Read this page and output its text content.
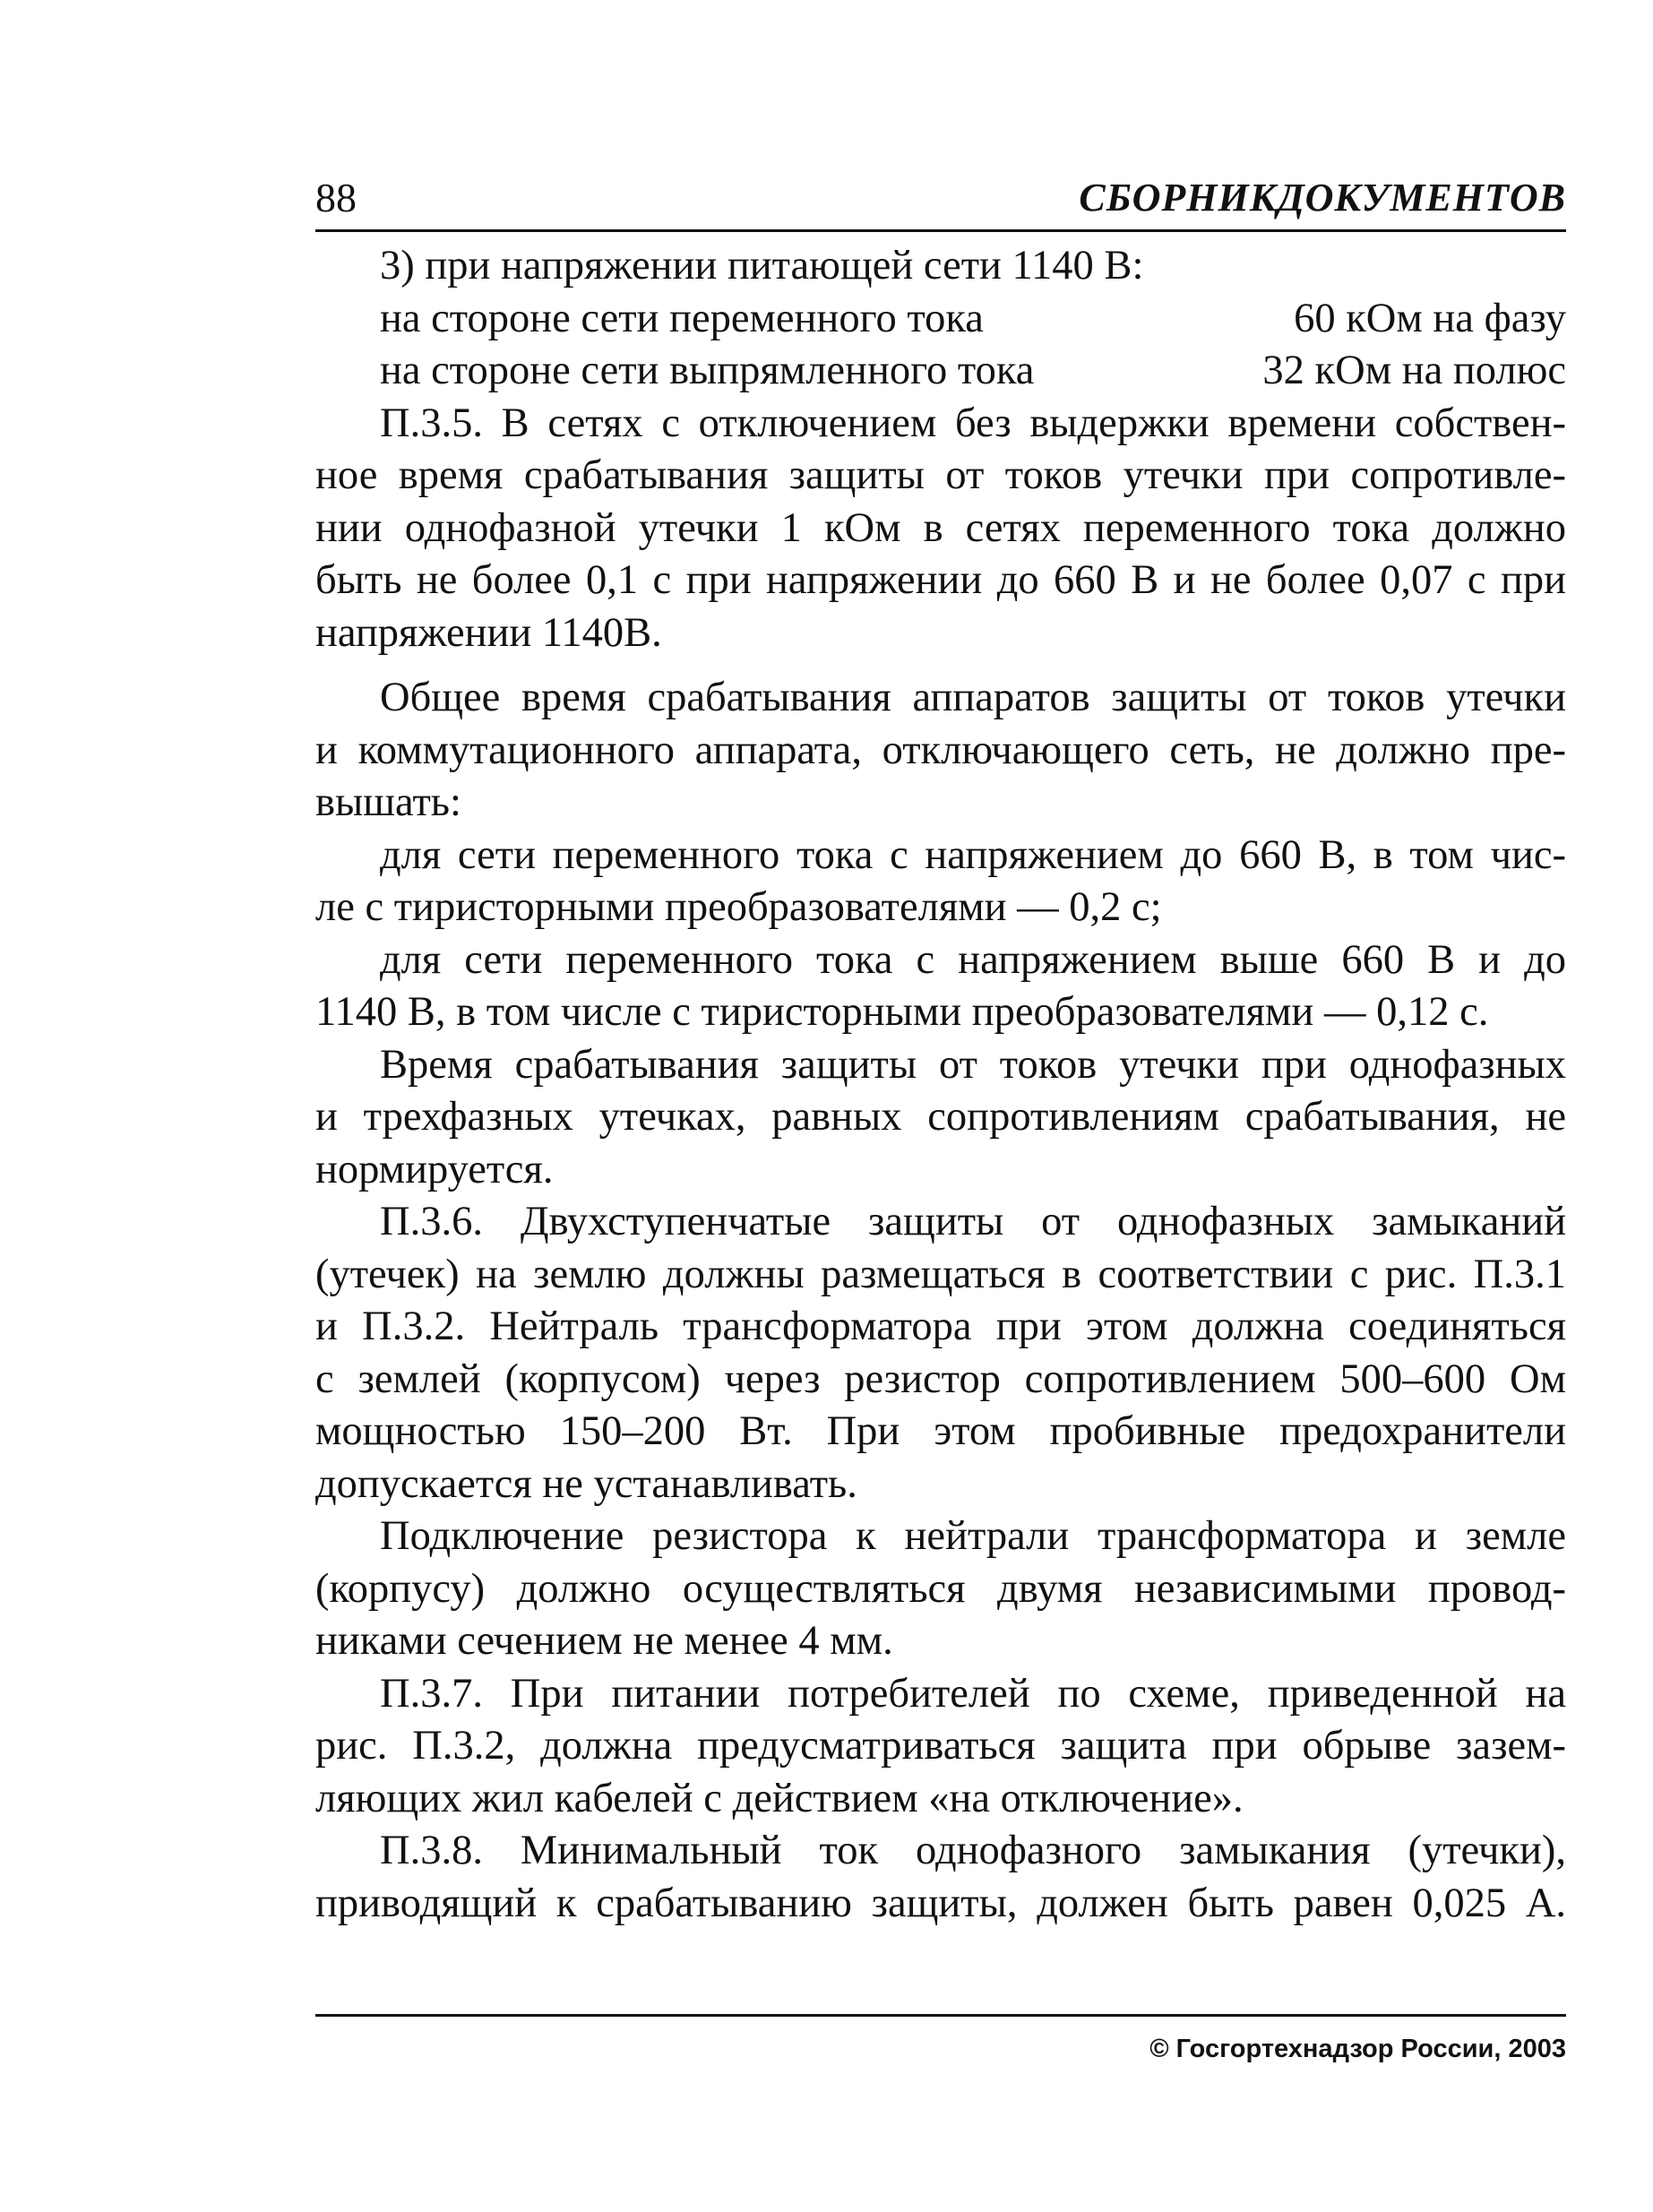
88	СБОРНИКДОКУМЕНТОВ
3) при напряжении питающей сети 1140 В:
на стороне сети переменного тока	60 кОм на фазу
на стороне сети выпрямленного тока	32 кОм на полюс
П.3.5. В сетях с отключением без выдержки времени собствен-
ное время срабатывания защиты от токов утечки при сопротивле-
нии однофазной утечки 1 кОм в сетях переменного тока должно
быть не более 0,1 с при напряжении до 660 В и не более 0,07 с при
напряжении 1140В.
Общее время срабатывания аппаратов защиты от токов утечки
и коммутационного аппарата, отключающего сеть, не должно пре-
вышать:
для сети переменного тока с напряжением до 660 В, в том чис-
ле с тиристорными преобразователями — 0,2 с;
для сети переменного тока с напряжением выше 660 В и до
1140 В, в том числе с тиристорными преобразователями — 0,12 с.
Время срабатывания защиты от токов утечки при однофазных
и трехфазных утечках, равных сопротивлениям срабатывания, не
нормируется.
П.3.6. Двухступенчатые защиты от однофазных замыканий
(утечек) на землю должны размещаться в соответствии с рис. П.3.1
и П.3.2. Нейтраль трансформатора при этом должна соединяться
с землей (корпусом) через резистор сопротивлением 500–600 Ом
мощностью 150–200 Вт. При этом пробивные предохранители
допускается не устанавливать.
Подключение резистора к нейтрали трансформатора и земле
(корпусу) должно осуществляться двумя независимыми провод-
никами сечением не менее 4 мм.
П.3.7. При питании потребителей по схеме, приведенной на
рис. П.3.2, должна предусматриваться защита при обрыве зазем-
ляющих жил кабелей с действием «на отключение».
П.3.8. Минимальный ток однофазного замыкания (утечки),
приводящий к срабатыванию защиты, должен быть равен 0,025 А.
© Госгортехнадзор России, 2003
